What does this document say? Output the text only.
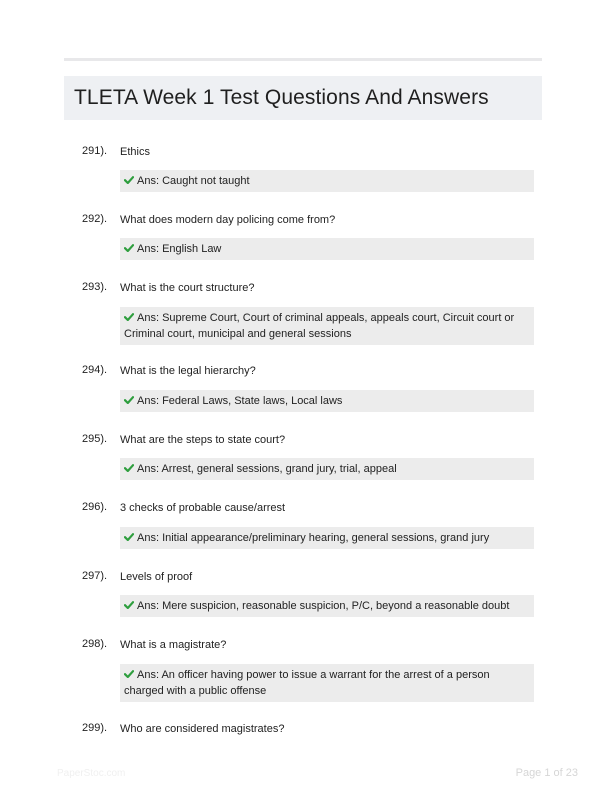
TLETA Week 1 Test Questions And Answers
291). Ethics
Ans: Caught not taught
292). What does modern day policing come from?
Ans: English Law
293). What is the court structure?
Ans: Supreme Court, Court of criminal appeals, appeals court, Circuit court or Criminal court, municipal and general sessions
294). What is the legal hierarchy?
Ans: Federal Laws, State laws, Local laws
295). What are the steps to state court?
Ans: Arrest, general sessions, grand jury, trial, appeal
296). 3 checks of probable cause/arrest
Ans: Initial appearance/preliminary hearing, general sessions, grand jury
297). Levels of proof
Ans: Mere suspicion, reasonable suspicion, P/C, beyond a reasonable doubt
298). What is a magistrate?
Ans: An officer having power to issue a warrant for the arrest of a person charged with a public offense
299). Who are considered magistrates?
PaperStoc.com	Page 1 of 23
